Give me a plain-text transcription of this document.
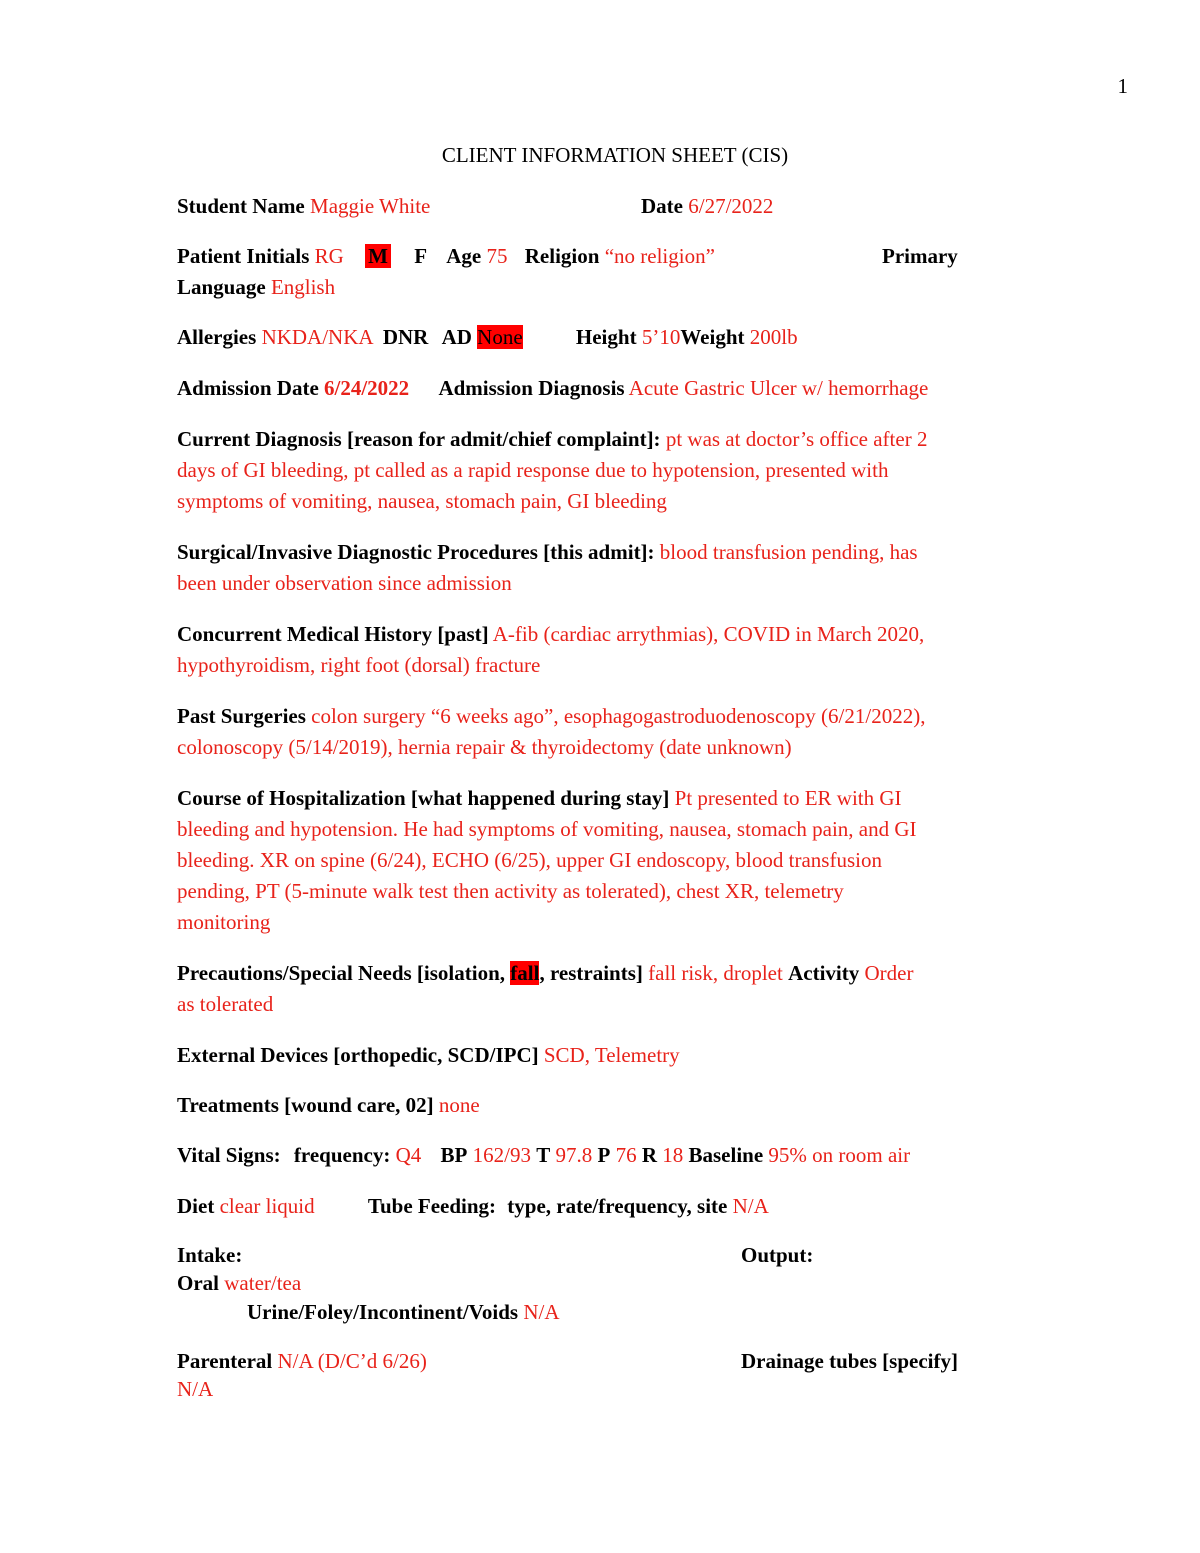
1

CLIENT INFORMATION SHEET (CIS)

Student Name Maggie White	Date 6/27/2022
Patient Initials RG M F Age 75 Religion “no religion”	Primary
Language English
Allergies NKDA/NKA DNR AD None	Height 5’10Weight 200lb
Admission Date 6/24/2022 Admission Diagnosis Acute Gastric Ulcer w/ hemorrhage
Current Diagnosis [reason for admit/chief complaint]: pt was at doctor’s office after 2
days of GI bleeding, pt called as a rapid response due to hypotension, presented with
symptoms of vomiting, nausea, stomach pain, GI bleeding
Surgical/Invasive Diagnostic Procedures [this admit]: blood transfusion pending, has
been under observation since admission
Concurrent Medical History [past] A-fib (cardiac arrythmias), COVID in March 2020,
hypothyroidism, right foot (dorsal) fracture
Past Surgeries colon surgery “6 weeks ago”, esophagogastroduodenoscopy (6/21/2022),
colonoscopy (5/14/2019), hernia repair & thyroidectomy (date unknown)
Course of Hospitalization [what happened during stay] Pt presented to ER with GI
bleeding and hypotension. He had symptoms of vomiting, nausea, stomach pain, and GI
bleeding. XR on spine (6/24), ECHO (6/25), upper GI endoscopy, blood transfusion
pending, PT (5-minute walk test then activity as tolerated), chest XR, telemetry
monitoring
Precautions/Special Needs [isolation, fall, restraints] fall risk, droplet Activity Order
as tolerated
External Devices [orthopedic, SCD/IPC] SCD, Telemetry
Treatments [wound care, 02] none
Vital Signs: frequency: Q4 BP 162/93 T 97.8 P 76 R 18 Baseline 95% on room air
Diet clear liquid	Tube Feeding: type, rate/frequency, site N/A
Intake:	Output:
Oral water/tea
Urine/Foley/Incontinent/Voids N/A
Parenteral N/A (D/C’d 6/26)	Drainage tubes [specify]
N/A
